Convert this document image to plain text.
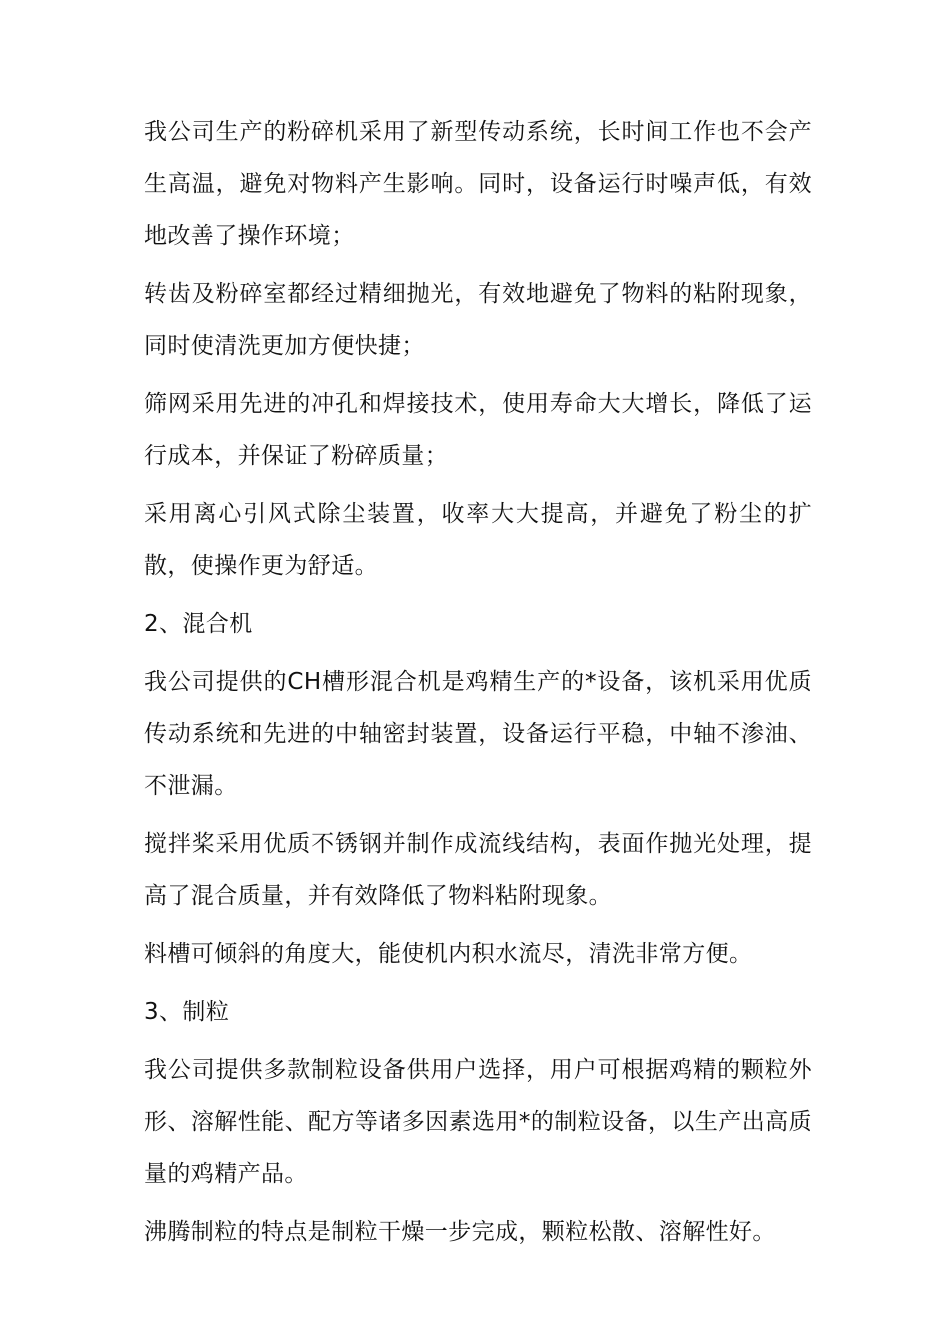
我公司生产的粉碎机采用了新型传动系统，长时间工作也不会产生高温，避免对物料产生影响。同时，设备运行时噪声低，有效地改善了操作环境；

转齿及粉碎室都经过精细抛光，有效地避免了物料的粘附现象，同时使清洗更加方便快捷；

筛网采用先进的冲孔和焊接技术，使用寿命大大增长，降低了运行成本，并保证了粉碎质量；

采用离心引风式除尘装置，收率大大提高，并避免了粉尘的扩散，使操作更为舒适。

2、混合机

我公司提供的CH槽形混合机是鸡精生产的*设备，该机采用优质传动系统和先进的中轴密封装置，设备运行平稳，中轴不渗油、不泄漏。

搅拌桨采用优质不锈钢并制作成流线结构，表面作抛光处理，提高了混合质量，并有效降低了物料粘附现象。

料槽可倾斜的角度大，能使机内积水流尽，清洗非常方便。

3、制粒

我公司提供多款制粒设备供用户选择，用户可根据鸡精的颗粒外形、溶解性能、配方等诸多因素选用*的制粒设备，以生产出高质量的鸡精产品。

沸腾制粒的特点是制粒干燥一步完成，颗粒松散、溶解性好。
